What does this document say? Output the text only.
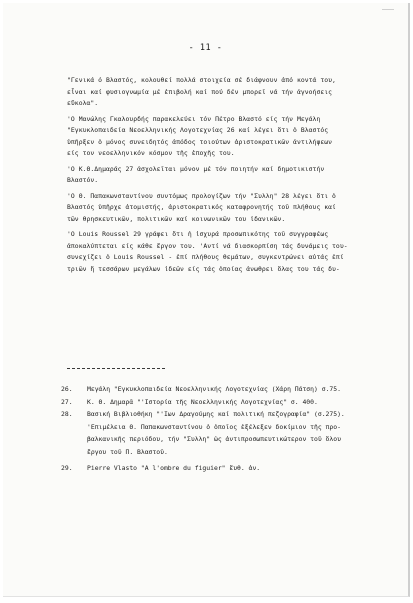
- 11 -
"Γενικά ό Βλαστός, κολουθεί πολλά στοιχεία σέ διάφνουν ἀπό κοντά του,
εἶναι καί φυσιογνωμία μέ ἐπιβολή καί πού δέν μπορεῖ νά τήν ἀγνοήσεις
εὔκολα".
'Ο Μανώλης Γκαλουρδής παρακελεύει τόν Πέτρο Βλαστό είς τήν Μεγάλη
"Εγκυκλοπαιδεία Νεοελληνικής Λογοτεχνίας 26 καί λέγει ὅτι ὁ Βλαστός
ὑπῆρξεν ὁ μόνος συνειδητός ἀπόδος τοιούτων ἀριστοκρατικῶν ἀντιλήψεων
είς τον νεοελληνικόν κόσμον τῆς ἐποχῆς του.
'Ο Κ.Θ.Δημαράς 27 ἀσχολεῖται μόνον μέ τόν ποιητήν καί δημοτικιστήν
Βλαστόν.
'Ο Θ. Παπακωνσταντίνου συντόμως προλογίζων τήν "Συλλη" 28 λέγει ὅτι ὁ
Βλαστός ὑπῆρχε ἀτομιστής, ἀριστοκρατικός καταφρονητής τοῦ πλήθους καί
τῶν θρησκευτικῶν, πολιτικῶν καί κοινωνικῶν του ἰδανικῶν.
'Ο Louis Roussel 29 γράφει ὅτι ἡ ἰσχυρά προσωπικότης τοῦ συγγραφέως
ἀποκαλύπτεται είς κάθε ἔργον του. 'Αντί νά διασκορπίση τάς δυνάμεις του-
συνεχίζει ὁ Louis Roussel - ἐπί πλήθους θεμάτων, συγκεντρώνει αὐτάς ἐπί
τριῶν ἤ τεσσάρων μεγάλων ἰδεῶν είς τάς ὁποίας ἀνωθρει ὅλας του τάς δυ-
26.	Μεγάλη "Εγκυκλοπαιδεία Νεοελληνικής Λογοτεχνίας (Χάρη Πάτση) σ.75.
27.	Κ. Θ. Δημαρᾶ "'Ιστορία τῆς Νεοελληνικής Λογοτεχνίας" σ. 400.
28.	Βασική Βιβλιοθήκη "'Ιων Δραγούμης καί πολιτική πεζογραφία" (σ.275).
'Επιμέλεια Θ. Παπακωνσταντίνου ὁ ὁποῖος ἐξέλεξεν δοκίμιον τῆς προ-
βαλκανικῆς περιόδου, τήν "Συλλη" ὡς ἀντιπροσωπευτικώτερον τοῦ ὅλου
ἔργου τοῦ Π. Βλαστοῦ.
29.	Pierre Vlasto "A l'ombre du figuier" ἔυθ. ἀν.
